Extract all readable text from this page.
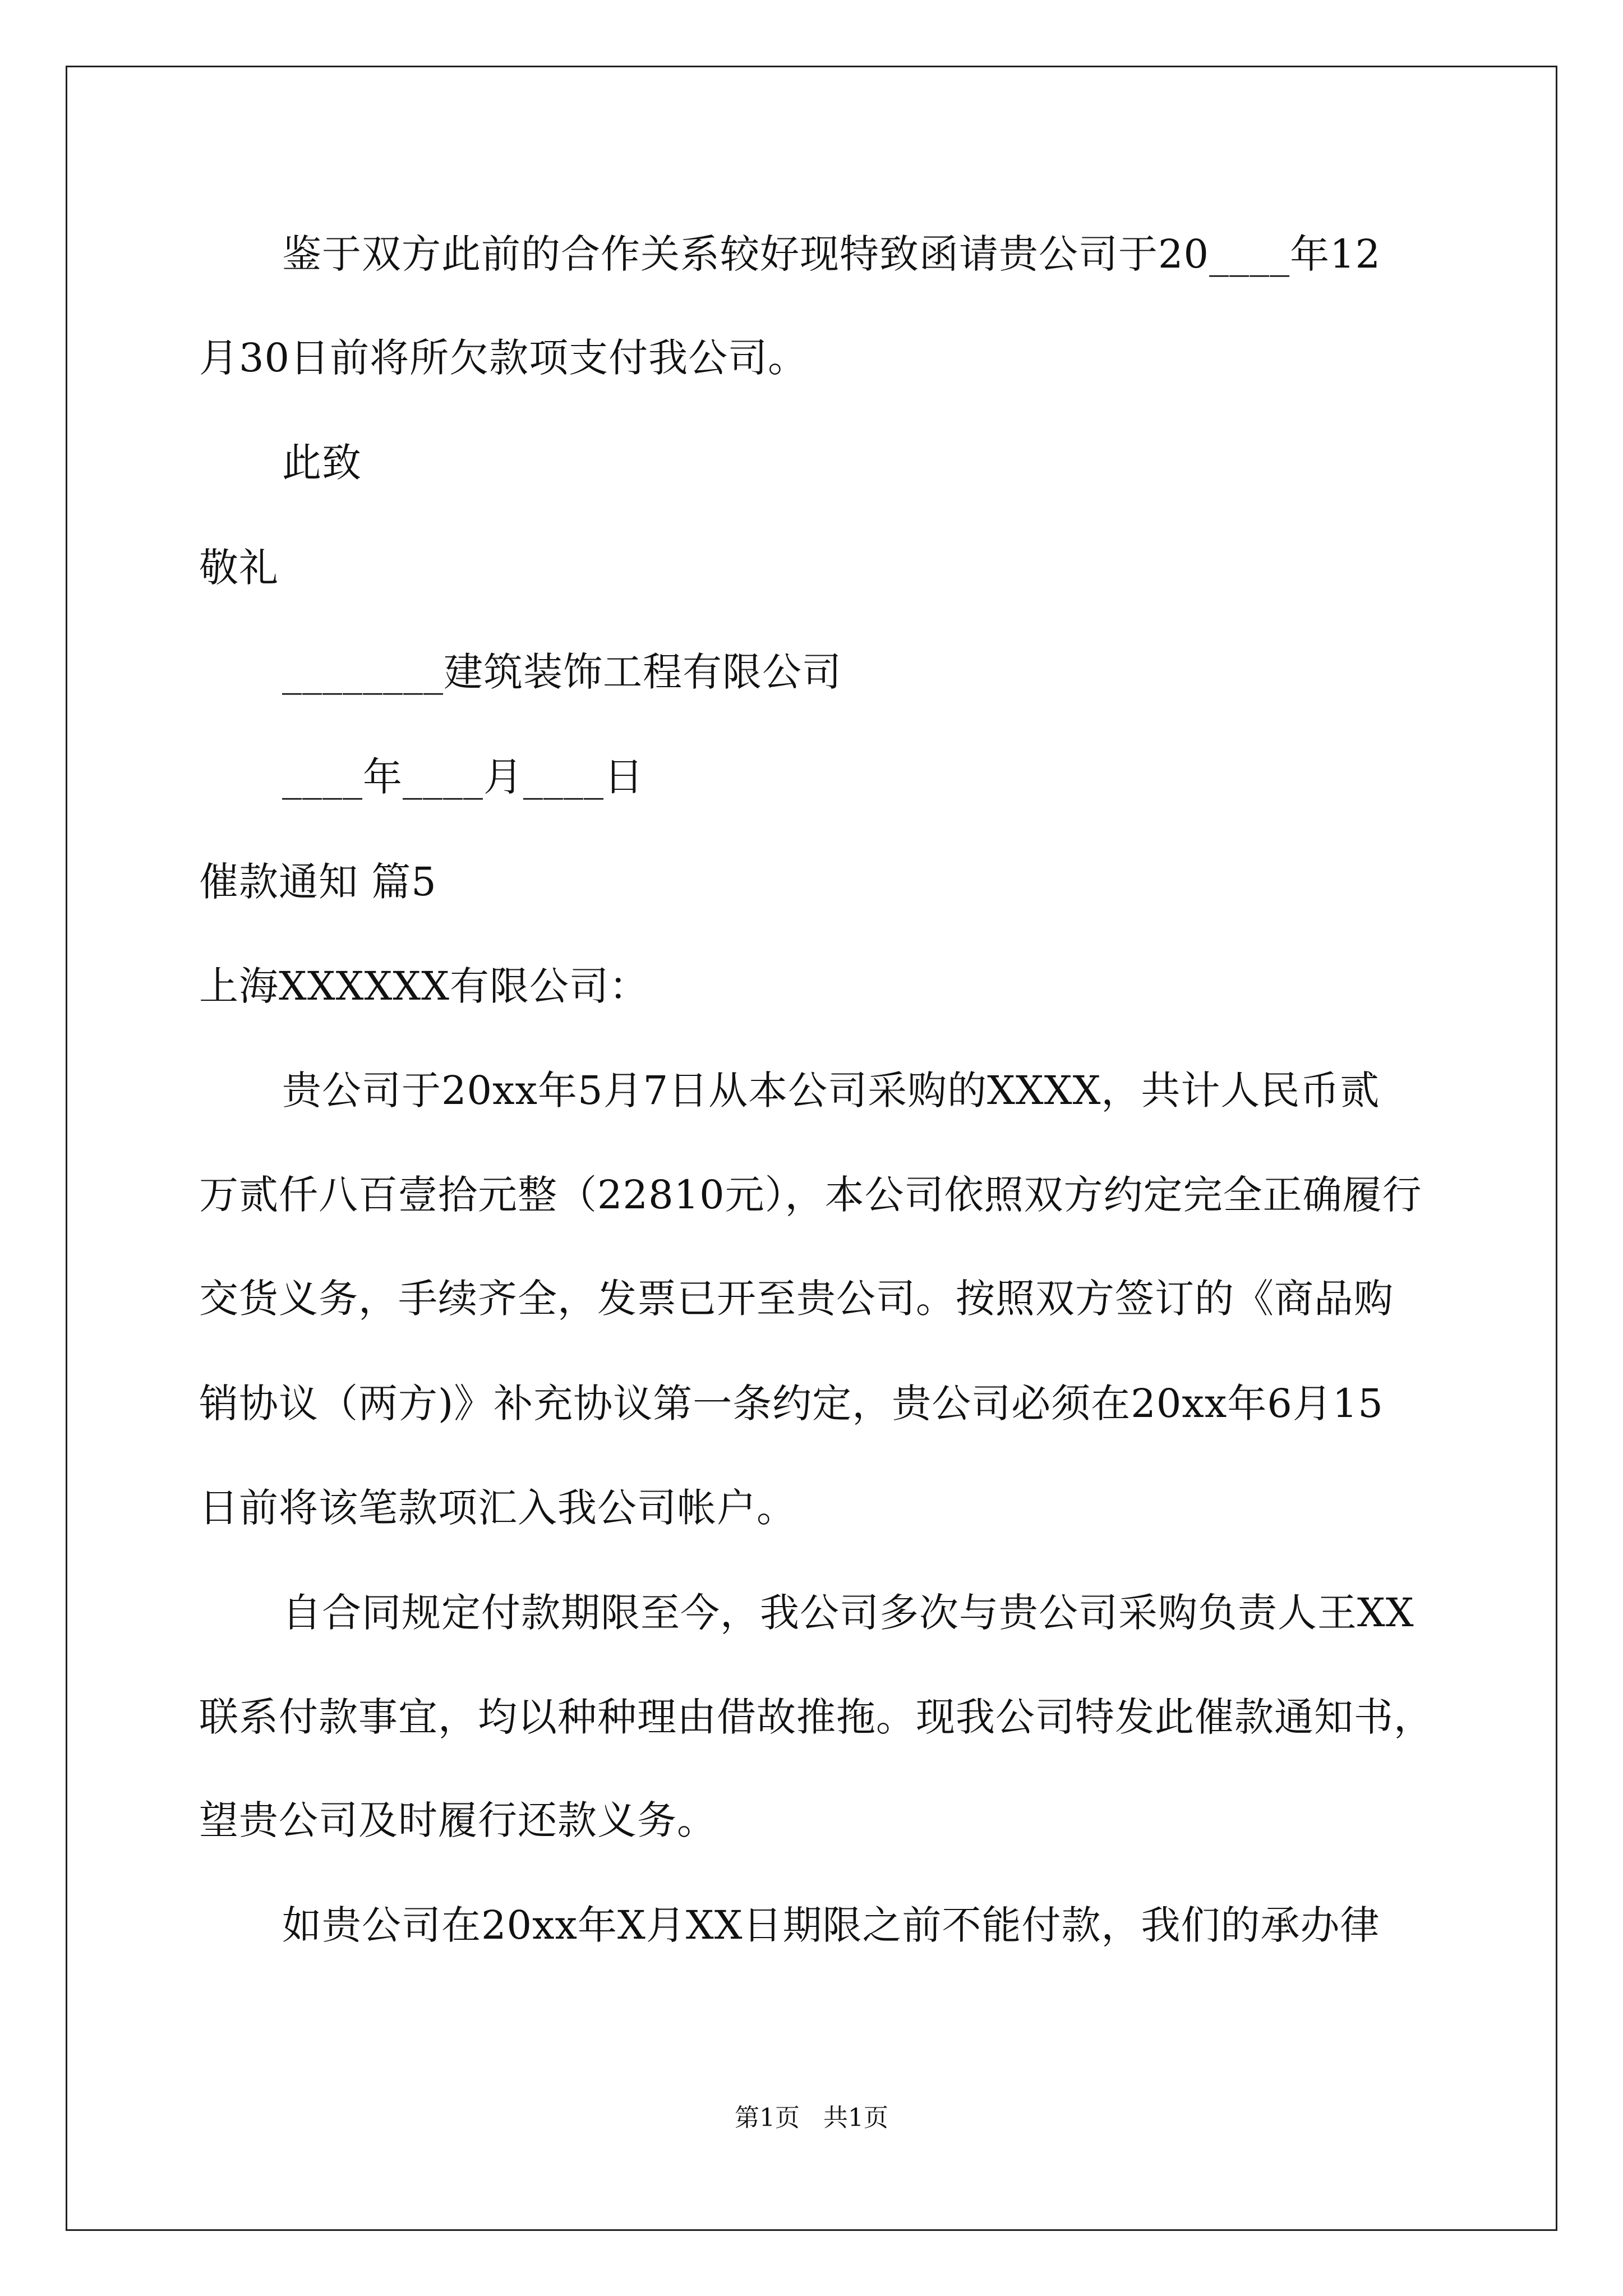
鉴于双方此前的合作关系较好现特致函请贵公司于20____年12
月30日前将所欠款项支付我公司。
此致
敬礼
________建筑装饰工程有限公司
____年____月____日
催款通知 篇5
上海XXXXXX有限公司：
贵公司于20xx年5月7日从本公司采购的XXXX，共计人民币贰
万贰仟八百壹拾元整（22810元），本公司依照双方约定完全正确履行
交货义务，手续齐全，发票已开至贵公司。按照双方签订的《商品购
销协议（两方)》补充协议第一条约定，贵公司必须在20xx年6月15
日前将该笔款项汇入我公司帐户。
自合同规定付款期限至今，我公司多次与贵公司采购负责人王XX
联系付款事宜，均以种种理由借故推拖。现我公司特发此催款通知书，
望贵公司及时履行还款义务。
如贵公司在20xx年X月XX日期限之前不能付款，我们的承办律
第1页   共1页
